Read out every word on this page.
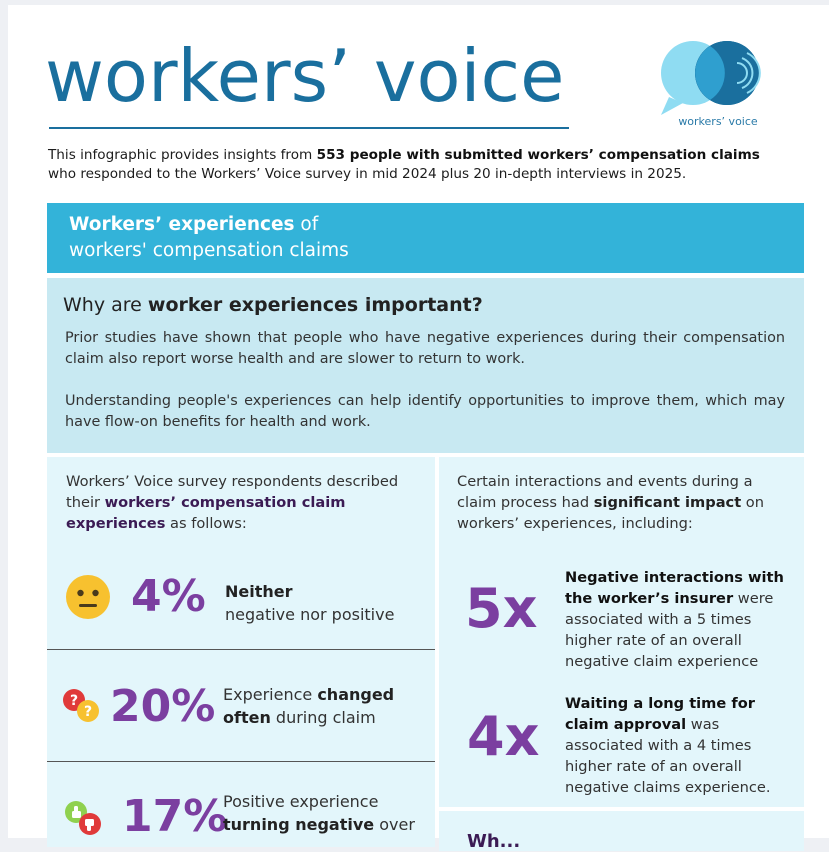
workers’ voice
workers’ voice
This infographic provides insights from 553 people with submitted workers’ compensation claims who responded to the Workers’ Voice survey in mid 2024 plus 20 in-depth interviews in 2025.
Workers’ experiences of
workers' compensation claims
Why are worker experiences important?
Prior studies have shown that people who have negative experiences during their compensation claim also report worse health and are slower to return to work.
Understanding people's experiences can help identify opportunities to improve them, which may have flow-on benefits for health and work.
Workers’ Voice survey respondents described their workers’ compensation claim experiences as follows:
4% Neither
negative nor positive
?
? 20% Experience changed
often during claim
17%
Positive experience
turning negative over
Certain interactions and events during a claim process had significant impact on workers’ experiences, including:
5x Negative interactions with the worker’s insurer were associated with a 5 times higher rate of an overall negative claim experience
4x
Waiting a long time for claim approval was associated with a 4 times higher rate of an overall negative claims experience.
Wh...
